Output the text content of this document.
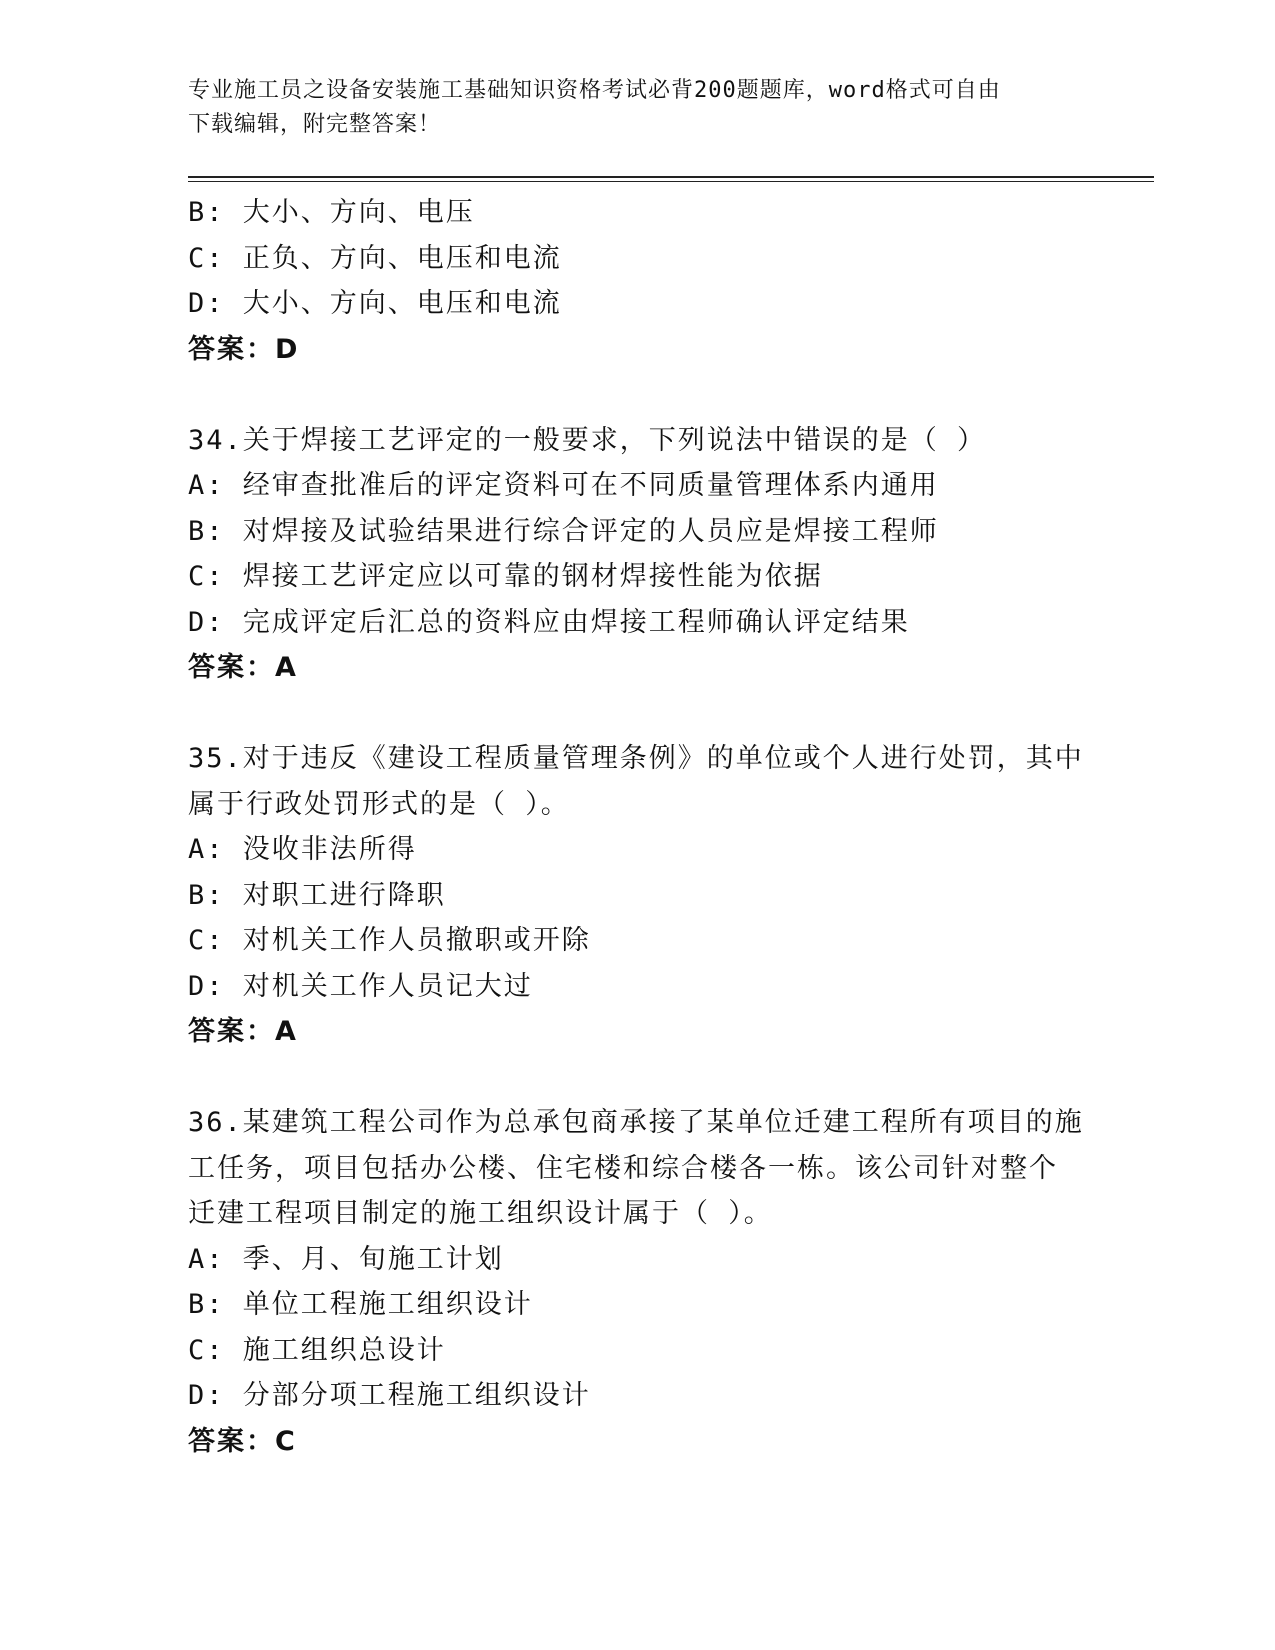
专业施工员之设备安装施工基础知识资格考试必背200题题库，word格式可自由
下载编辑，附完整答案！
B: 大小、方向、电压
C: 正负、方向、电压和电流
D: 大小、方向、电压和电流
答案：D
34.关于焊接工艺评定的一般要求，下列说法中错误的是（ ）
A: 经审查批准后的评定资料可在不同质量管理体系内通用
B: 对焊接及试验结果进行综合评定的人员应是焊接工程师
C: 焊接工艺评定应以可靠的钢材焊接性能为依据
D: 完成评定后汇总的资料应由焊接工程师确认评定结果
答案：A
35.对于违反《建设工程质量管理条例》的单位或个人进行处罚，其中
属于行政处罚形式的是（ ）。
A: 没收非法所得
B: 对职工进行降职
C: 对机关工作人员撤职或开除
D: 对机关工作人员记大过
答案：A
36.某建筑工程公司作为总承包商承接了某单位迁建工程所有项目的施
工任务，项目包括办公楼、住宅楼和综合楼各一栋。该公司针对整个
迁建工程项目制定的施工组织设计属于（ ）。
A: 季、月、旬施工计划
B: 单位工程施工组织设计
C: 施工组织总设计
D: 分部分项工程施工组织设计
答案：C
